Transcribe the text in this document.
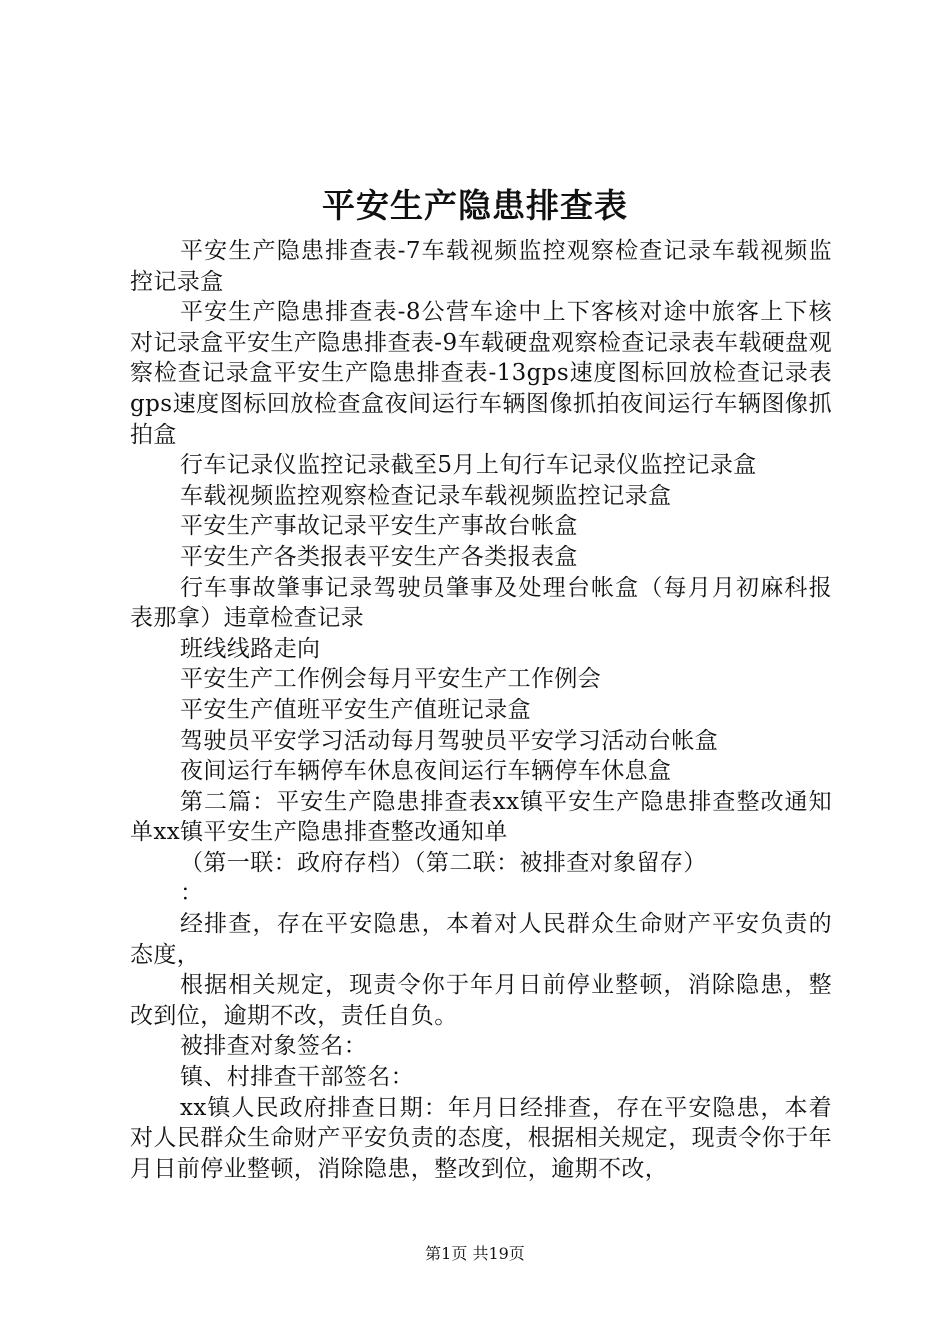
平安生产隐患排查表

平安生产隐患排查表-7车载视频监控观察检查记录车载视频监控记录盒

平安生产隐患排查表-8公营车途中上下客核对途中旅客上下核对记录盒平安生产隐患排查表-9车载硬盘观察检查记录表车载硬盘观察检查记录盒平安生产隐患排查表-13gps速度图标回放检查记录表gps速度图标回放检查盒夜间运行车辆图像抓拍夜间运行车辆图像抓拍盒

行车记录仪监控记录截至5月上旬行车记录仪监控记录盒

车载视频监控观察检查记录车载视频监控记录盒

平安生产事故记录平安生产事故台帐盒

平安生产各类报表平安生产各类报表盒

行车事故肇事记录驾驶员肇事及处理台帐盒（每月月初麻科报表那拿）违章检查记录

班线线路走向

平安生产工作例会每月平安生产工作例会

平安生产值班平安生产值班记录盒

驾驶员平安学习活动每月驾驶员平安学习活动台帐盒

夜间运行车辆停车休息夜间运行车辆停车休息盒

第二篇：平安生产隐患排查表xx镇平安生产隐患排查整改通知单xx镇平安生产隐患排查整改通知单

（第一联：政府存档）（第二联：被排查对象留存）

：

经排查，存在平安隐患，本着对人民群众生命财产平安负责的态度，

根据相关规定，现责令你于年月日前停业整顿，消除隐患，整改到位，逾期不改，责任自负。

被排查对象签名：

镇、村排查干部签名：

xx镇人民政府排查日期：年月日经排查，存在平安隐患，本着对人民群众生命财产平安负责的态度，根据相关规定，现责令你于年月日前停业整顿，消除隐患，整改到位，逾期不改，

第1页 共19页
